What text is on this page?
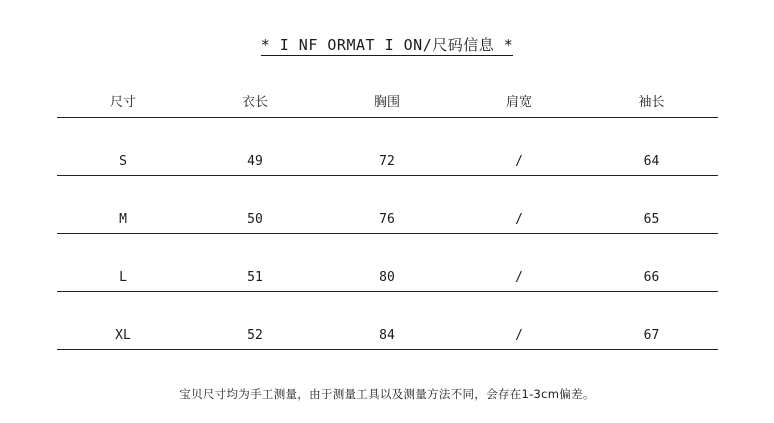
* I NF ORMAT I ON/尺码信息 *
尺寸	衣长	胸围	肩宽	袖长
S	49	72	/	64
M	50	76	/	65
L	51	80	/	66
XL	52	84	/	67
宝贝尺寸均为手工测量，由于测量工具以及测量方法不同，会存在1-3cm偏差。
